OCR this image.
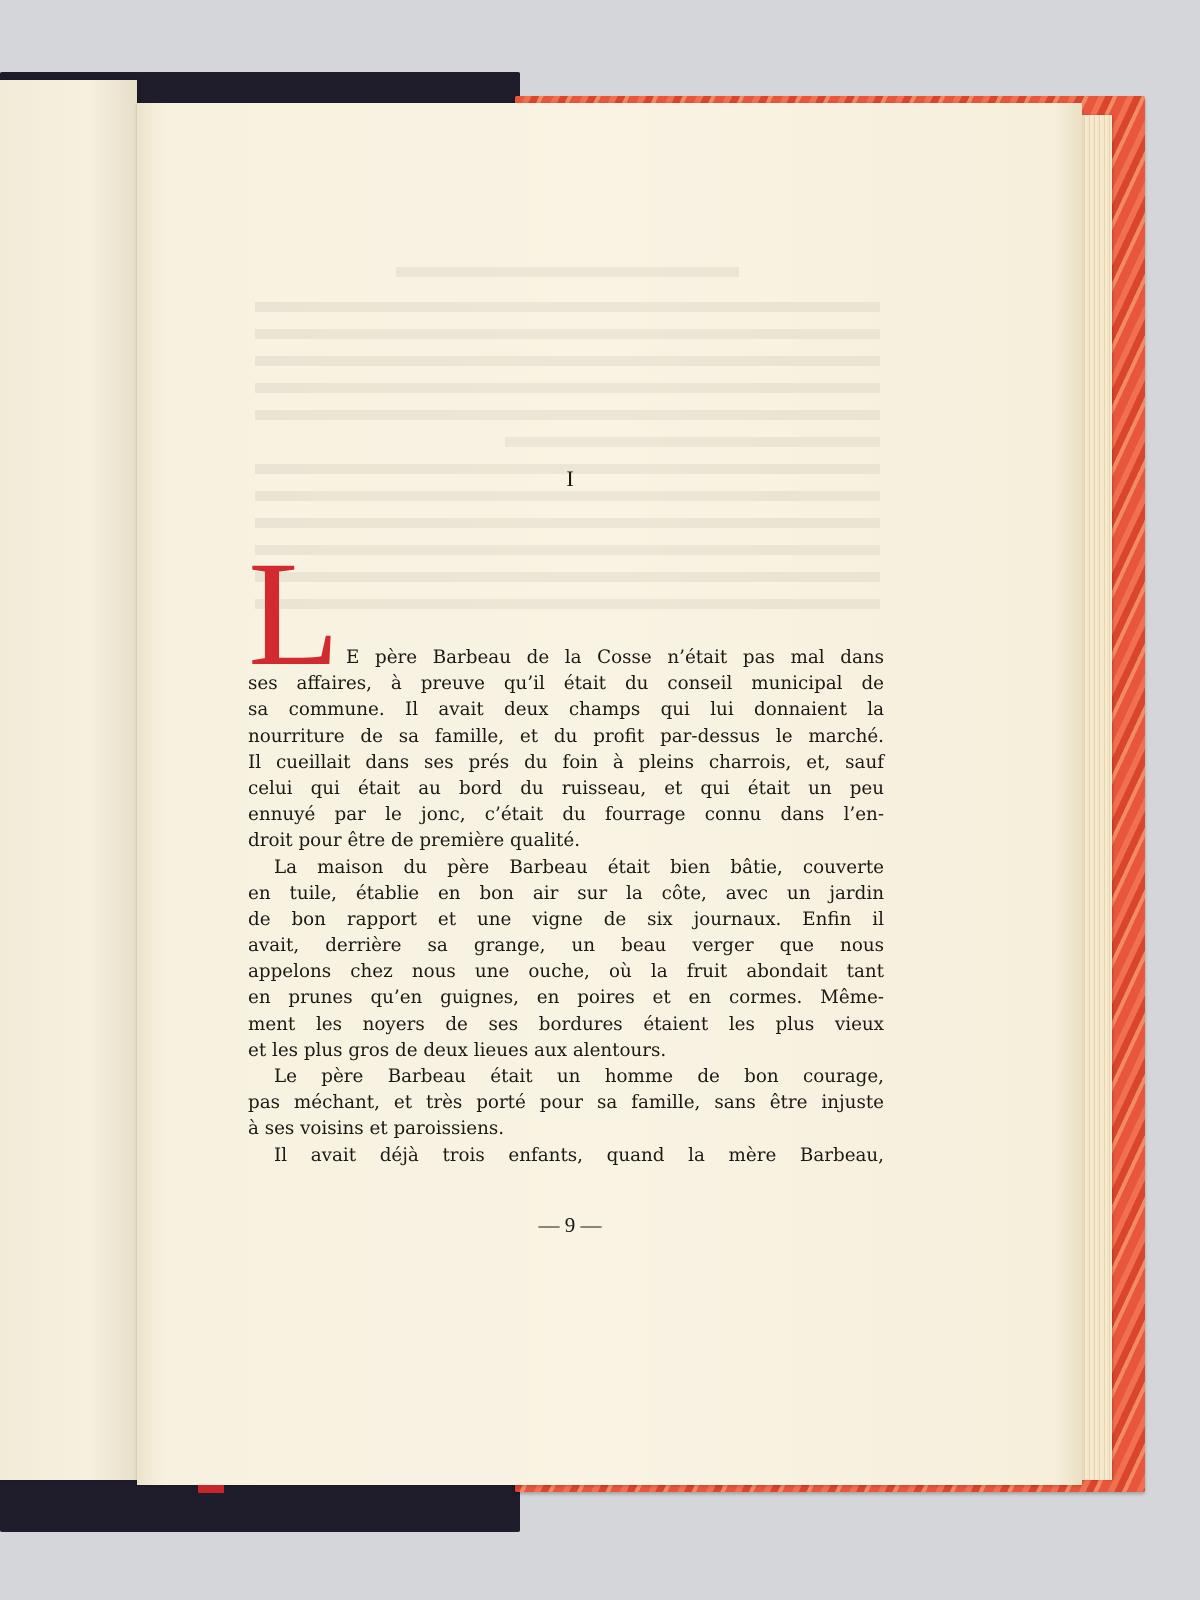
I
L E père Barbeau de la Cosse n’était pas mal dans
ses affaires, à preuve qu’il était du conseil municipal de
sa commune. Il avait deux champs qui lui donnaient la
nourriture de sa famille, et du profit par-dessus le marché.
Il cueillait dans ses prés du foin à pleins charrois, et, sauf
celui qui était au bord du ruisseau, et qui était un peu
ennuyé par le jonc, c’était du fourrage connu dans l’en-
droit pour être de première qualité.
La maison du père Barbeau était bien bâtie, couverte
en tuile, établie en bon air sur la côte, avec un jardin
de bon rapport et une vigne de six journaux. Enfin il
avait, derrière sa grange, un beau verger que nous
appelons chez nous une ouche, où la fruit abondait tant
en prunes qu’en guignes, en poires et en cormes. Même-
ment les noyers de ses bordures étaient les plus vieux
et les plus gros de deux lieues aux alentours.
Le père Barbeau était un homme de bon courage,
pas méchant, et très porté pour sa famille, sans être injuste
à ses voisins et paroissiens.
Il avait déjà trois enfants, quand la mère Barbeau,
— 9 —
